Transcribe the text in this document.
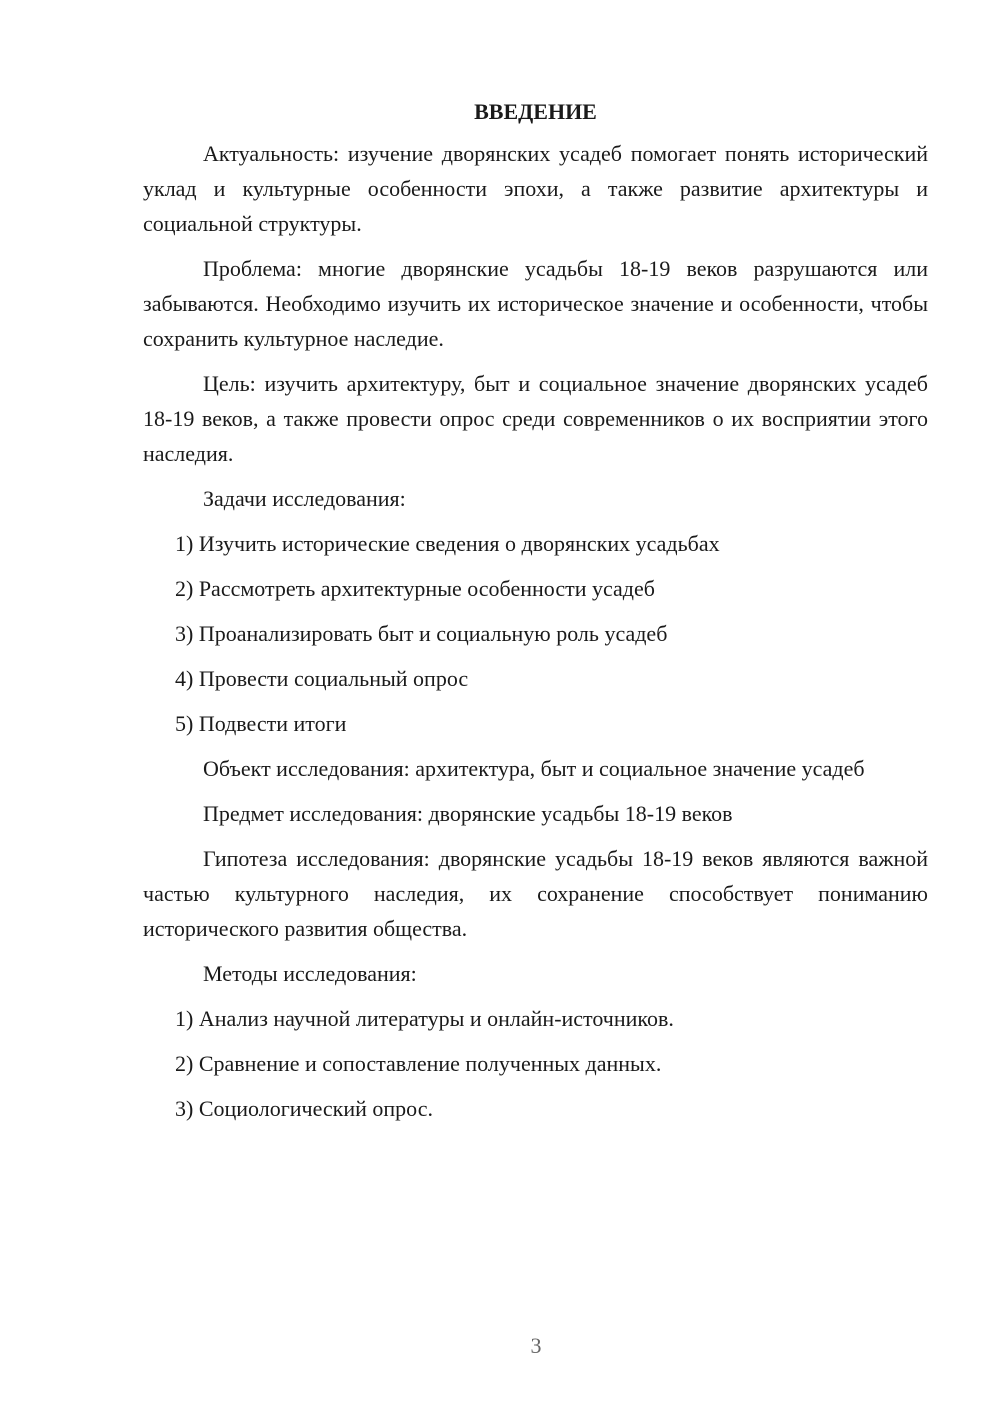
ВВЕДЕНИЕ

Актуальность: изучение дворянских усадеб помогает понять исторический уклад и культурные особенности эпохи, а также развитие архитектуры и социальной структуры.

Проблема: многие дворянские усадьбы 18-19 веков разрушаются или забываются. Необходимо изучить их историческое значение и особенности, чтобы сохранить культурное наследие.

Цель: изучить архитектуру, быт и социальное значение дворянских усадеб 18-19 веков, а также провести опрос среди современников о их восприятии этого наследия.

Задачи исследования:

1) Изучить исторические сведения о дворянских усадьбах
2) Рассмотреть архитектурные особенности усадеб
3) Проанализировать быт и социальную роль усадеб
4) Провести социальный опрос
5) Подвести итоги

Объект исследования: архитектура, быт и социальное значение усадеб

Предмет исследования: дворянские усадьбы 18-19 веков

Гипотеза исследования: дворянские усадьбы 18-19 веков являются важной частью культурного наследия, их сохранение способствует пониманию исторического развития общества.

Методы исследования:

1) Анализ научной литературы и онлайн-источников.
2) Сравнение и сопоставление полученных данных.
3) Социологический опрос.
3
